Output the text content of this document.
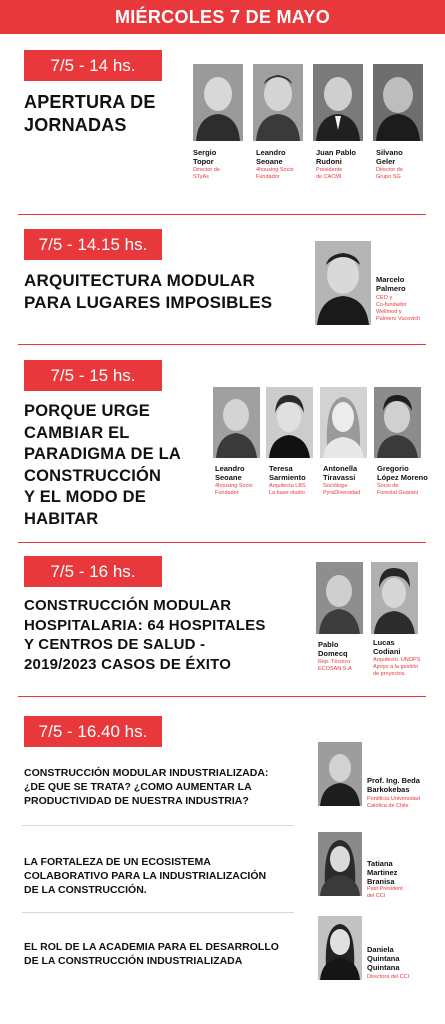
MIÉRCOLES 7 DE MAYO
7/5 - 14 hs.
APERTURA DE
JORNADAS
Sergio
Topor
Director de
STyAs
Leandro
Seoane
4housing Socio
Fundador
Juan Pablo
Rudoni
Presidente
de CACMI
Silvano
Geler
Director de
Grupo SG
7/5 - 14.15 hs.
ARQUITECTURA MODULAR
PARA LUGARES IMPOSIBLES
Marcelo
Palmero
CEO y
Co-fundador
Wellmod y
Palmero Vucovich
7/5 - 15 hs.
PORQUE URGE
CAMBIAR EL
PARADIGMA DE LA
CONSTRUCCIÓN
Y EL MODO DE
HABITAR
Leandro
Seoane
4housing Socio
Fundador
Teresa
Sarmiento
Arquitecta LBS
La base studio
Antonella
Tiravassi
Socióloga
PyraDiversidad
Gregorio
López Moreno
Socio de
Forestal Guaraní
7/5 - 16 hs.
CONSTRUCCIÓN MODULAR
HOSPITALARIA: 64 HOSPITALES
Y CENTROS DE SALUD -
2019/2023 CASOS DE ÉXITO
Pablo
Domecq
Rep. Técnico
ECOSAN S.A
Lucas
Codiani
Arquitecto. UNOPS
Apoyo a la gestión
de proyectos.
7/5 - 16.40 hs.
CONSTRUCCIÓN MODULAR INDUSTRIALIZADA:
¿DE QUE SE TRATA? ¿COMO AUMENTAR LA
PRODUCTIVIDAD DE NUESTRA INDUSTRIA?
Prof. Ing. Beda
Barkokebas
Pontificia Universidad
Católica de Chile
LA FORTALEZA DE UN ECOSISTEMA
COLABORATIVO PARA LA INDUSTRIALIZACIÓN
DE LA CONSTRUCCIÓN.
Tatiana
Martinez
Branisa
Past President
del CCI
EL ROL DE LA ACADEMIA PARA EL DESARROLLO
DE LA CONSTRUCCIÓN INDUSTRIALIZADA
Daniela
Quintana
Quintana
Directora del CCI
